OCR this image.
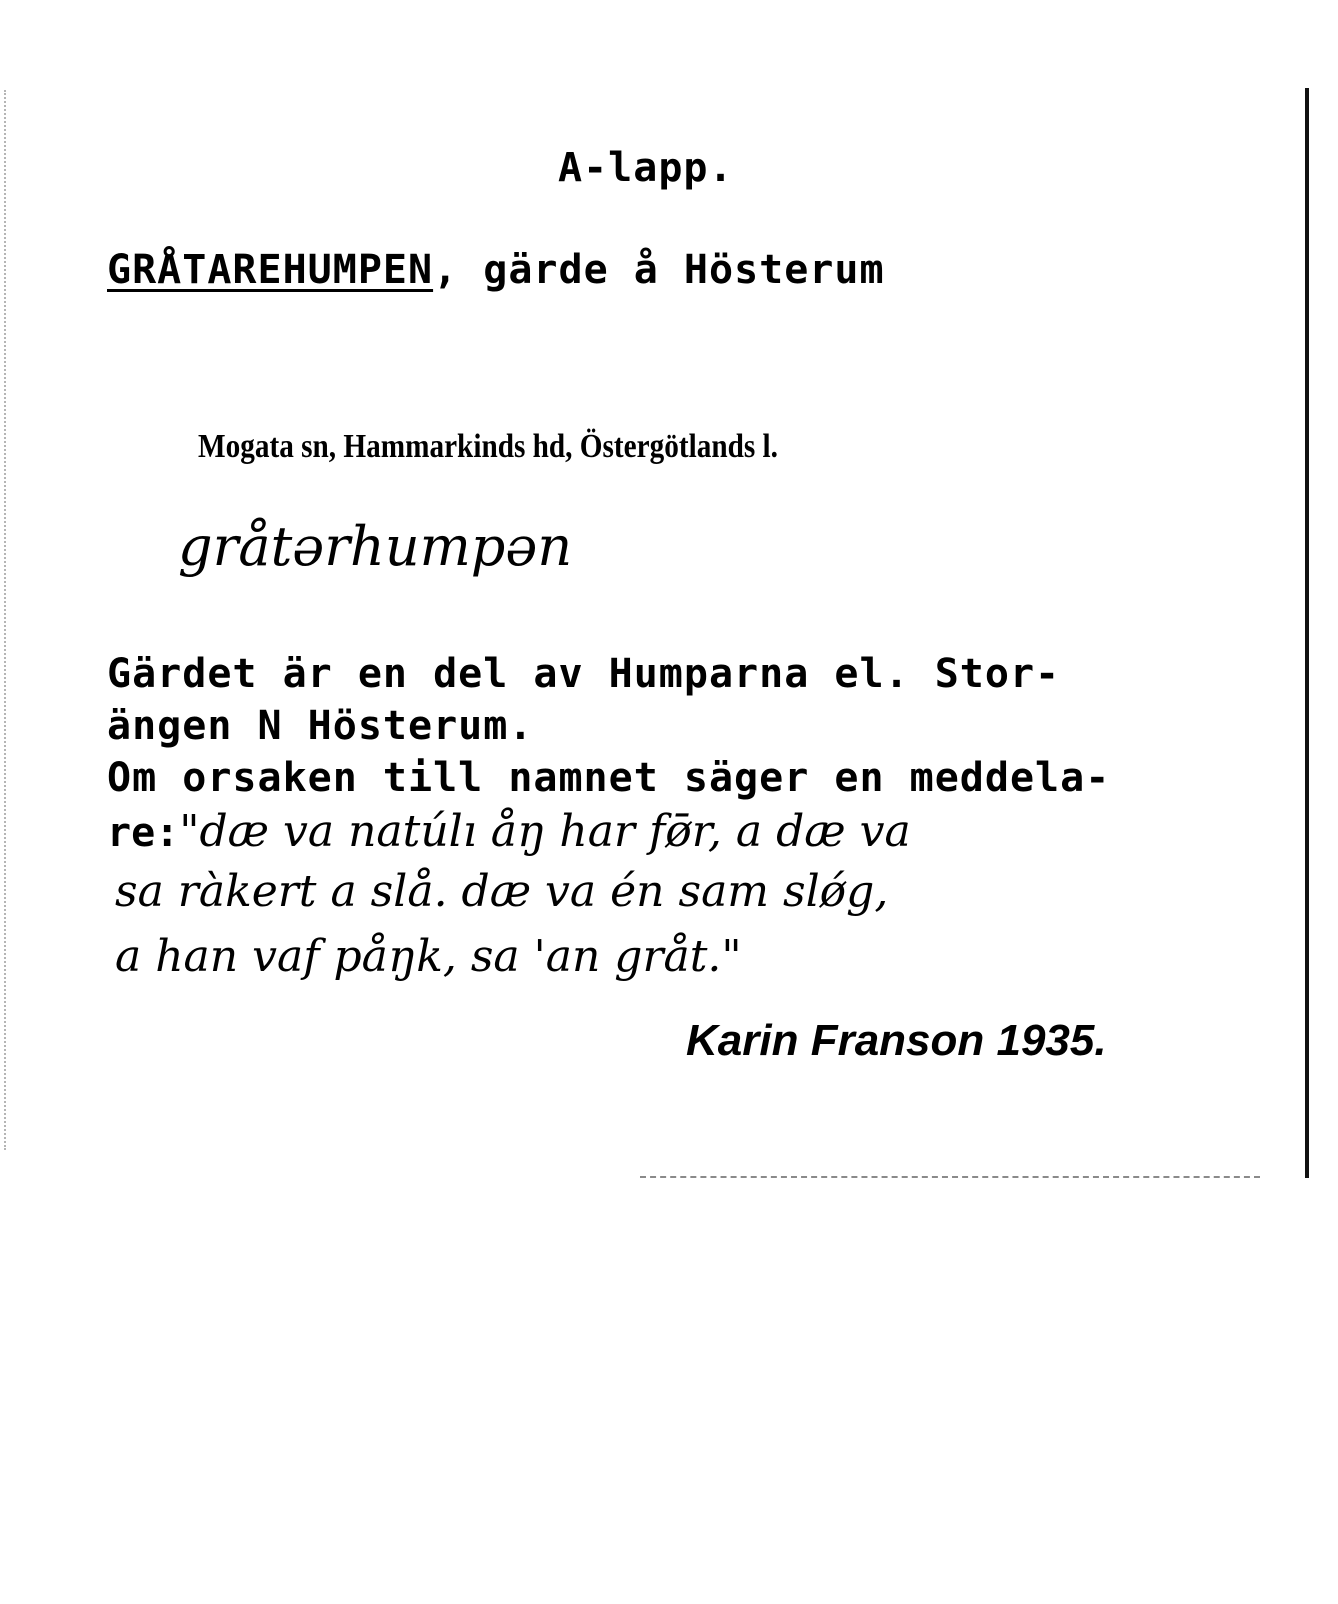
A-lapp.
GRÅTAREHUMPEN, gärde å Hösterum
Mogata sn, Hammarkinds hd, Östergötlands l.
gråtərhumpən
Gärdet är en del av Humparna el. Stor-
ängen N Hösterum.
Om orsaken till namnet säger en meddela-
re:"dæ va natúlı åŋ har fø̄r, a dæ va
sa ràkert a slå. dæ va én sam slǿg,
a han vaf påŋk, sa 'an gråt."
Karin Franson 1935.
